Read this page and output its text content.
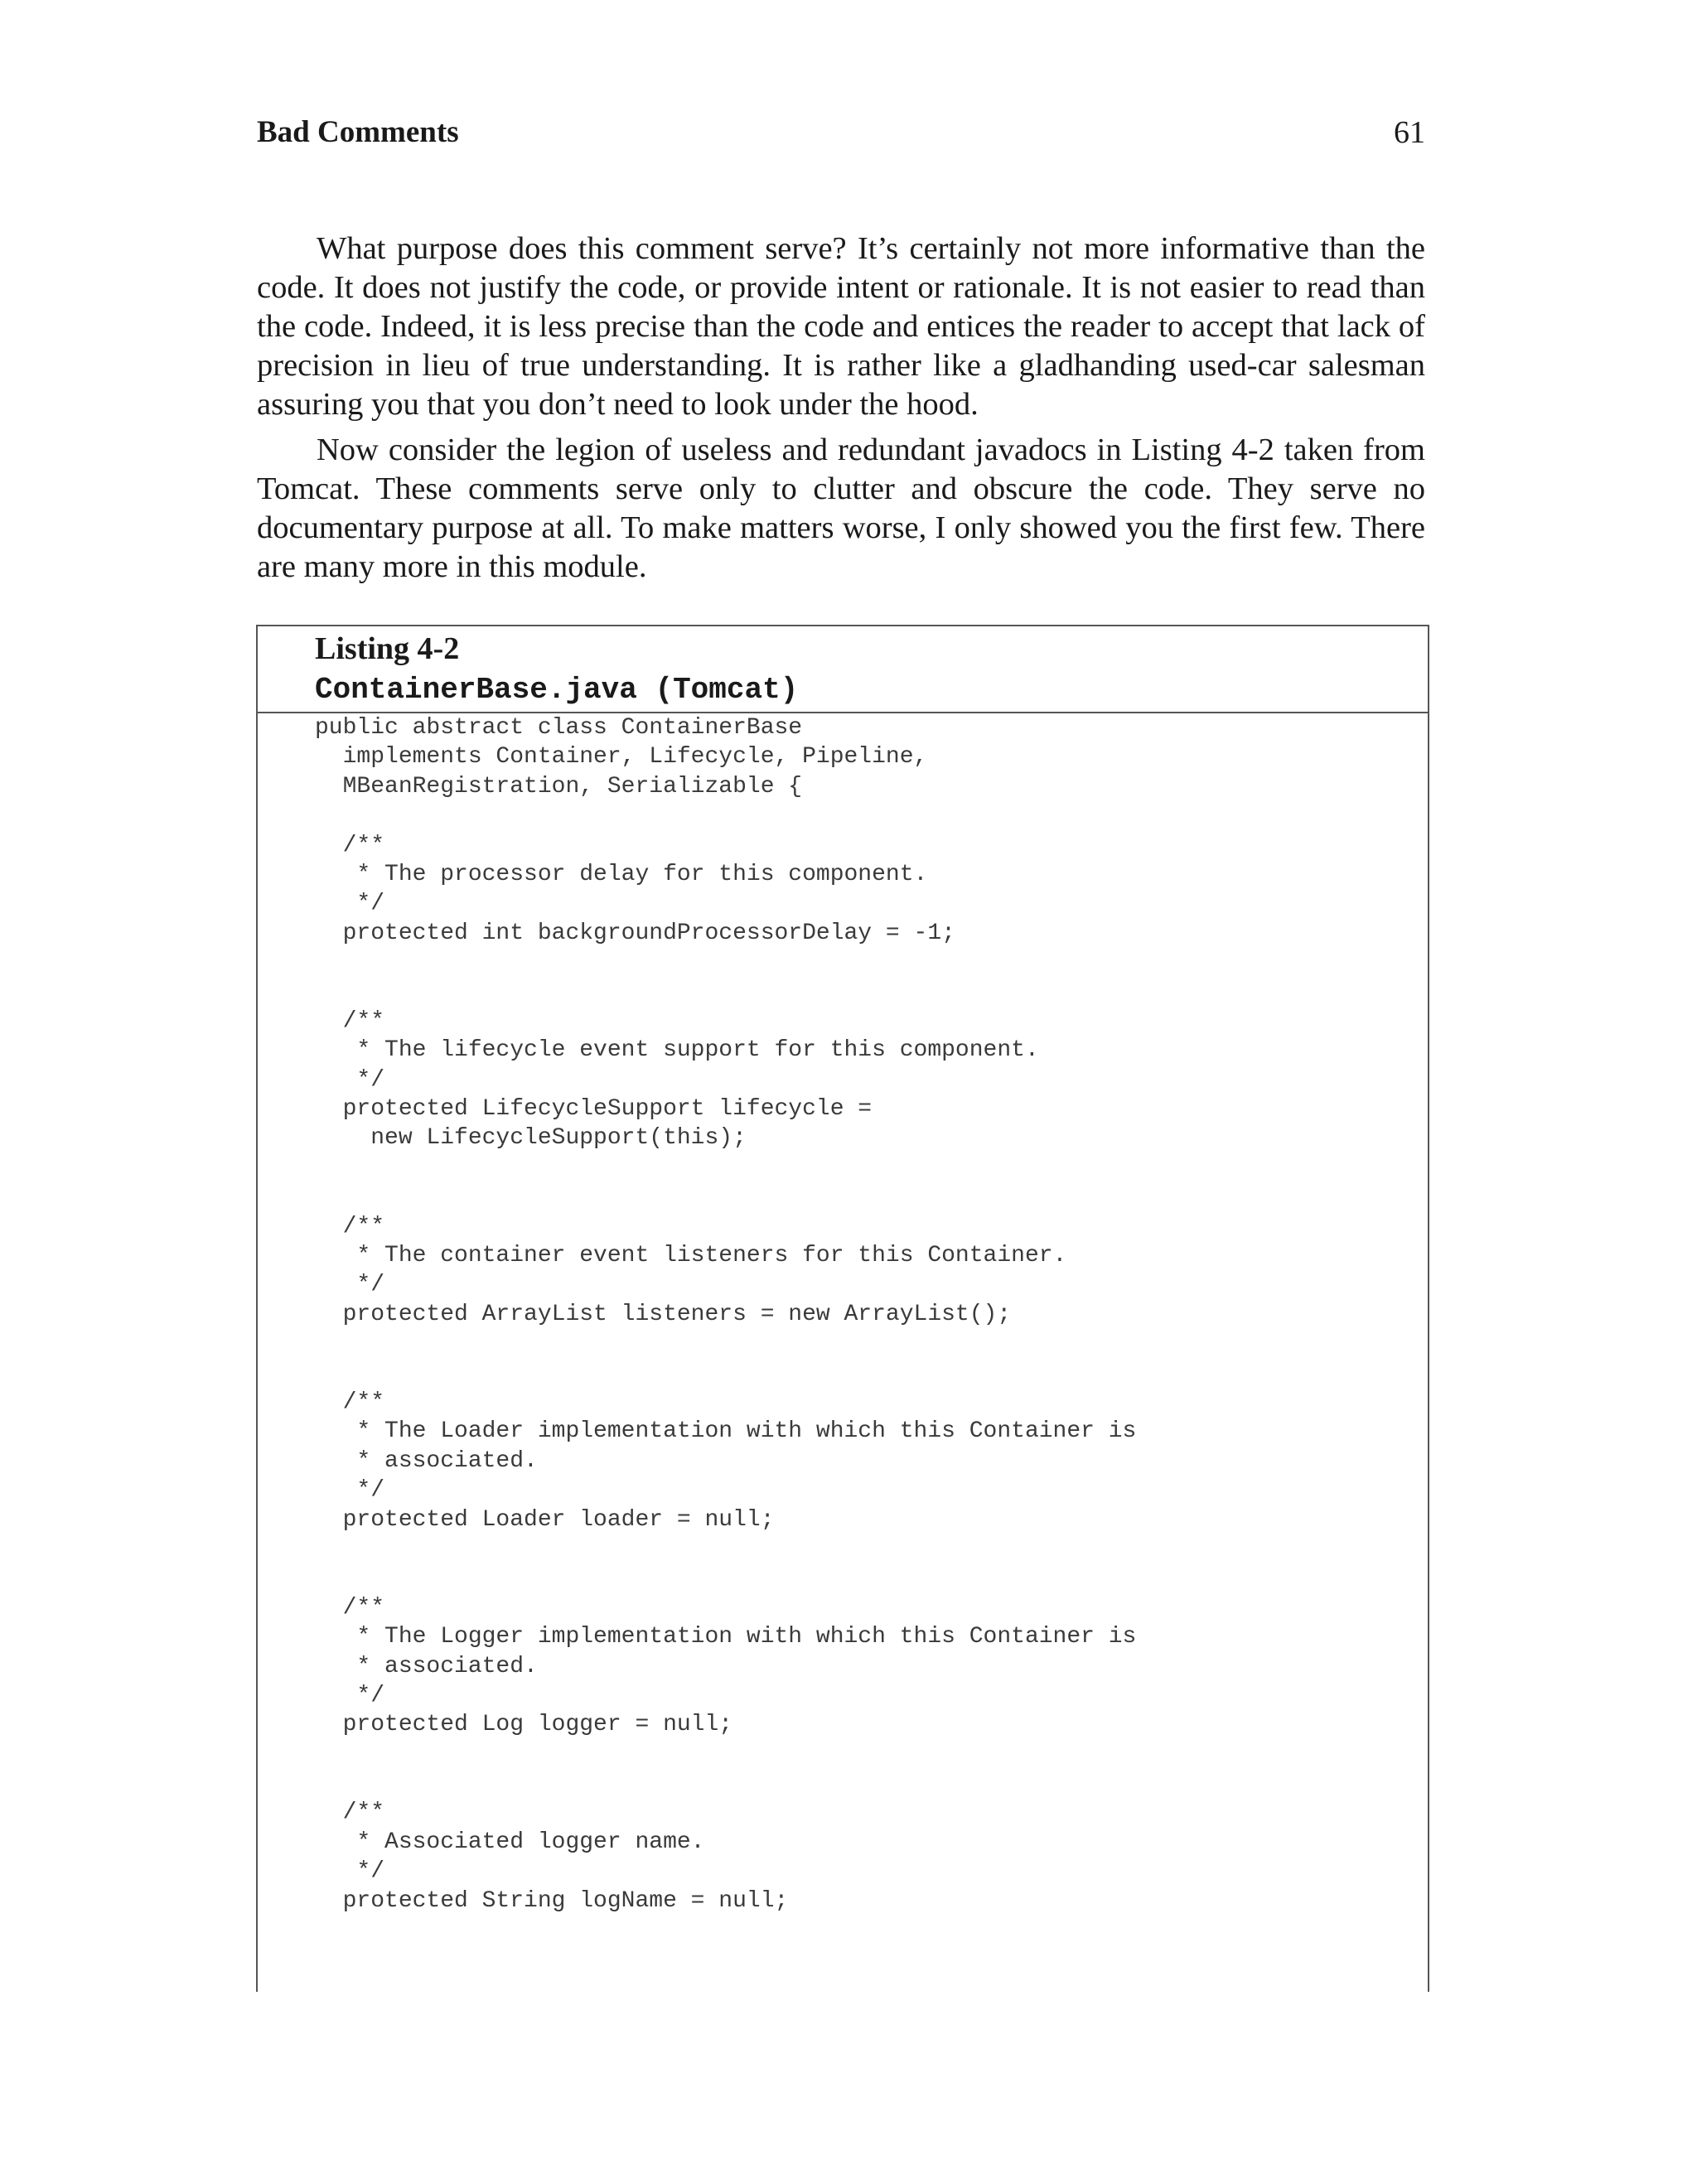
Bad Comments	61

What purpose does this comment serve? It’s certainly not more informative than the code. It does not justify the code, or provide intent or rationale. It is not easier to read than the code. Indeed, it is less precise than the code and entices the reader to accept that lack of precision in lieu of true understanding. It is rather like a gladhanding used-car salesman assuring you that you don’t need to look under the hood.

Now consider the legion of useless and redundant javadocs in Listing 4-2 taken from Tomcat. These comments serve only to clutter and obscure the code. They serve no documentary purpose at all. To make matters worse, I only showed you the first few. There are many more in this module.

Listing 4-2
ContainerBase.java (Tomcat)
public abstract class ContainerBase
implements Container, Lifecycle, Pipeline,
MBeanRegistration, Serializable {
/**
* The processor delay for this component.
*/
protected int backgroundProcessorDelay = -1;
/**
* The lifecycle event support for this component.
*/
protected LifecycleSupport lifecycle =
new LifecycleSupport(this);
/**
* The container event listeners for this Container.
*/
protected ArrayList listeners = new ArrayList();
/**
* The Loader implementation with which this Container is
* associated.
*/
protected Loader loader = null;
/**
* The Logger implementation with which this Container is
* associated.
*/
protected Log logger = null;
/**
* Associated logger name.
*/
protected String logName = null;
